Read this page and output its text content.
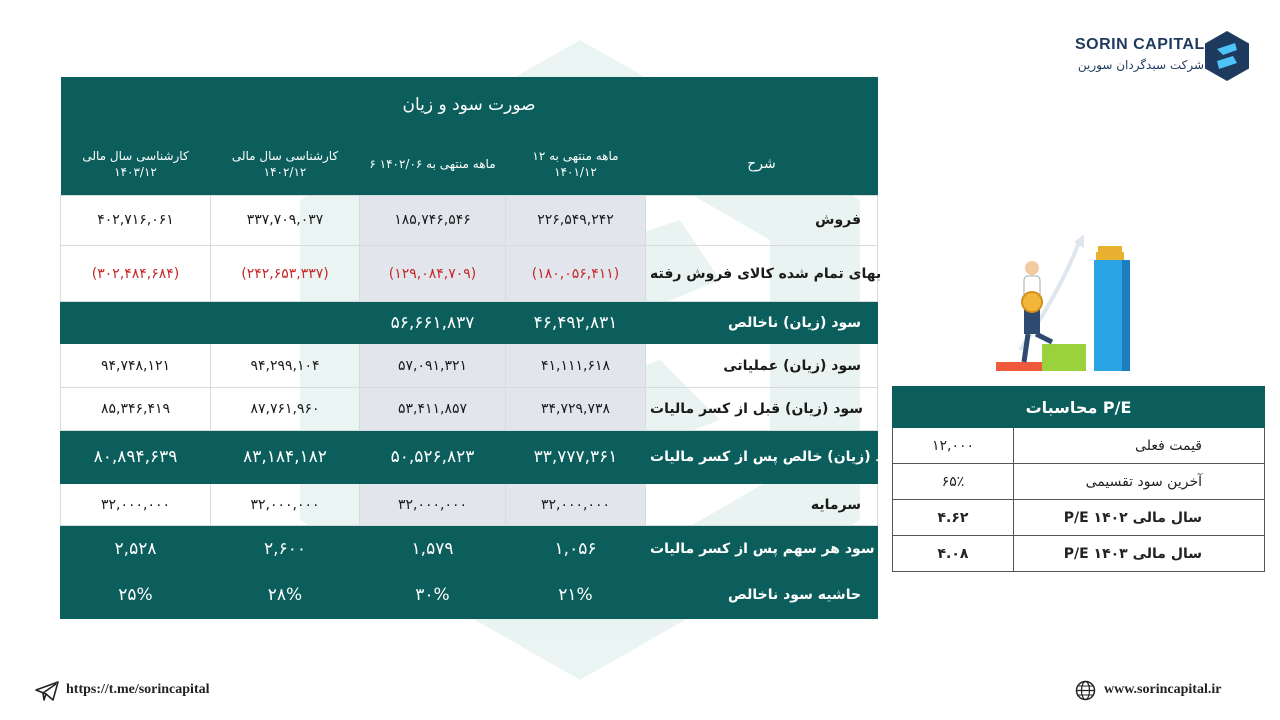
SORIN CAPITAL
شرکت سبدگردان سورین
صورت سود و زیان				
کارشناسی سال مالی ۱۴۰۳/۱۲	کارشناسی سال مالی ۱۴۰۲/۱۲	۶ ماهه منتهی به ۱۴۰۲/۰۶	۱۲ ماهه منتهی به ۱۴۰۱/۱۲	شرح
۴۰۲,۷۱۶,۰۶۱	۳۳۷,۷۰۹,۰۳۷	۱۸۵,۷۴۶,۵۴۶	۲۲۶,۵۴۹,۲۴۲	فروش
(۳۰۲,۴۸۴,۶۸۴)	(۲۴۲,۶۵۳,۳۳۷)	(۱۲۹,۰۸۴,۷۰۹)	(۱۸۰,۰۵۶,۴۱۱)	بهای تمام شده کالای فروش رفته
		۵۶,۶۶۱,۸۳۷	۴۶,۴۹۲,۸۳۱	سود (زیان) ناخالص
۹۴,۷۴۸,۱۲۱	۹۴,۲۹۹,۱۰۴	۵۷,۰۹۱,۳۲۱	۴۱,۱۱۱,۶۱۸	سود (زیان) عملیاتی
۸۵,۳۴۶,۴۱۹	۸۷,۷۶۱,۹۶۰	۵۳,۴۱۱,۸۵۷	۳۴,۷۲۹,۷۳۸	سود (زیان) قبل از کسر مالیات
۸۰,۸۹۴,۶۳۹	۸۳,۱۸۴,۱۸۲	۵۰,۵۲۶,۸۲۳	۳۳,۷۷۷,۳۶۱	سود (زیان) خالص پس از کسر مالیات
۳۲,۰۰۰,۰۰۰	۳۲,۰۰۰,۰۰۰	۳۲,۰۰۰,۰۰۰	۳۲,۰۰۰,۰۰۰	سرمایه
۲,۵۲۸	۲,۶۰۰	۱,۵۷۹	۱,۰۵۶	سود هر سهم پس از کسر مالیات
۲۵%	۲۸%	۳۰%	۲۱%	حاشیه سود ناخالص
محاسبات P/E	
۱۲,۰۰۰	قیمت فعلی
۶۵٪	آخرین سود تقسیمی
۴.۶۲	P/E سال مالی ۱۴۰۲
۴.۰۸	P/E سال مالی ۱۴۰۳
https://t.me/sorincapital	www.sorincapital.ir
